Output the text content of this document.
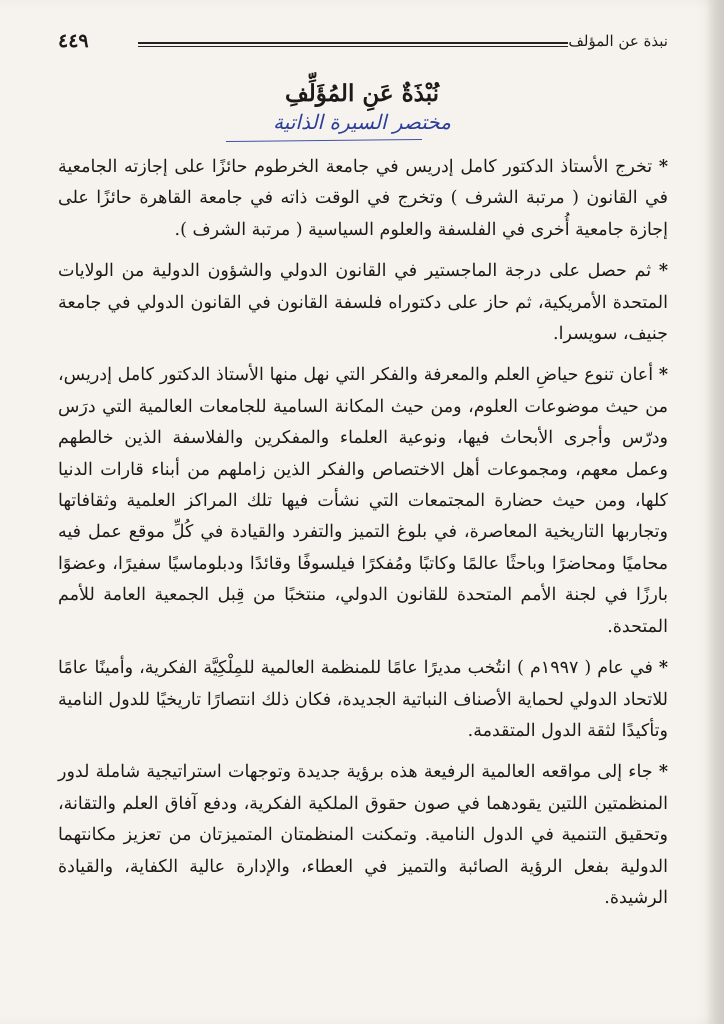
نبذة عن المؤلف
٤٤٩
نُبْذَةٌ عَنِ المُؤَلِّفِ
مختصر السيرة الذاتية

* تخرج الأستاذ الدكتور كامل إدريس في جامعة الخرطوم حائزًا على إجازته الجامعية في القانون ( مرتبة الشرف ) وتخرج في الوقت ذاته في جامعة القاهرة حائزًا على إجازة جامعية أُخرى في الفلسفة والعلوم السياسية ( مرتبة الشرف ).

* ثم حصل على درجة الماجستير في القانون الدولي والشؤون الدولية من الولايات المتحدة الأمريكية، ثم حاز على دكتوراه فلسفة القانون في القانون الدولي في جامعة جنيف، سويسرا.

* أعان تنوع حياضِ العلم والمعرفة والفكر التي نهل منها الأستاذ الدكتور كامل إدريس، من حيث موضوعات العلوم، ومن حيث المكانة السامية للجامعات العالمية التي درَس ودرّس وأجرى الأبحاث فيها، ونوعية العلماء والمفكرين والفلاسفة الذين خالطهم وعمل معهم، ومجموعات أهل الاختصاص والفكر الذين زاملهم من أبناء قارات الدنيا كلها، ومن حيث حضارة المجتمعات التي نشأت فيها تلك المراكز العلمية وثقافاتها وتجاربها التاريخية المعاصرة، في بلوغ التميز والتفرد والقيادة في كُلِّ موقع عمل فيه محاميًا ومحاضرًا وباحثًا عالمًا وكاتبًا ومُفكرًا فيلسوفًا وقائدًا ودبلوماسيًا سفيرًا، وعضوًا بارزًا في لجنة الأمم المتحدة للقانون الدولي، منتخبًا من قِبل الجمعية العامة للأمم المتحدة.

* في عام ( ١٩٩٧م ) انتُخب مديرًا عامًا للمنظمة العالمية للمِلْكِيَّة الفكرية، وأمينًا عامًا للاتحاد الدولي لحماية الأصناف النباتية الجديدة، فكان ذلك انتصارًا تاريخيًا للدول النامية وتأكيدًا لثقة الدول المتقدمة.

* جاء إلى مواقعه العالمية الرفيعة هذه برؤية جديدة وتوجهات استراتيجية شاملة لدور المنظمتين اللتين يقودهما في صون حقوق الملكية الفكرية، ودفع آفاق العلم والتقانة، وتحقيق التنمية في الدول النامية. وتمكنت المنظمتان المتميزتان من تعزيز مكانتهما الدولية بفعل الرؤية الصائبة والتميز في العطاء، والإدارة عالية الكفاية، والقيادة الرشيدة.
